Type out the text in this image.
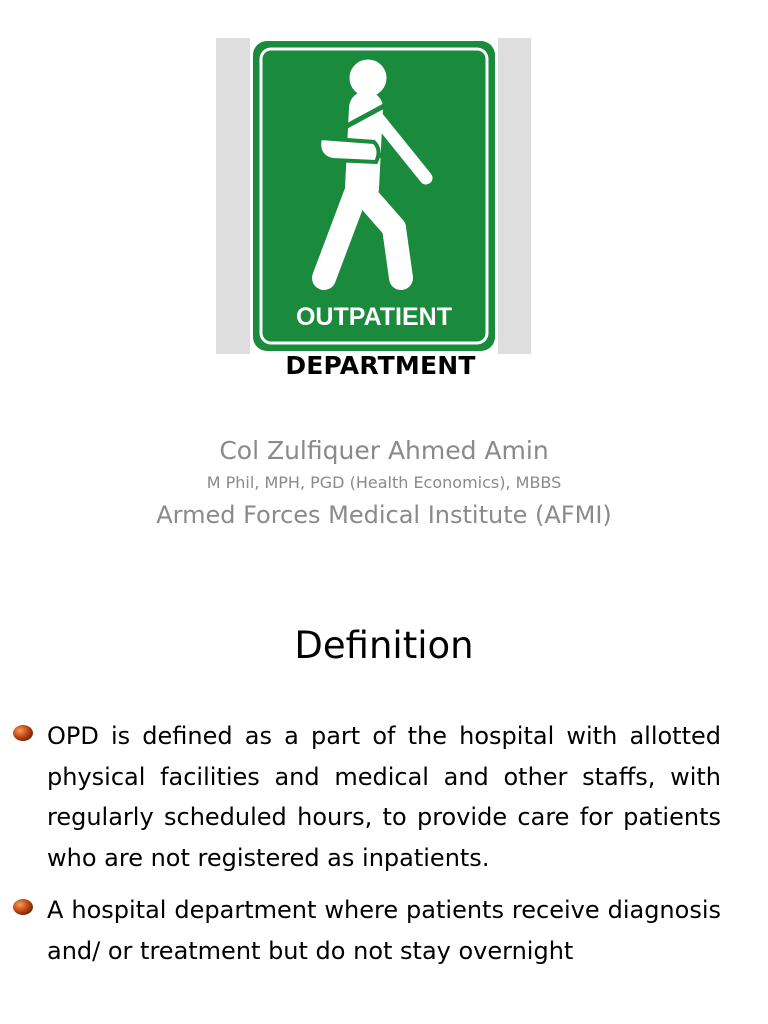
OUTPATIENT
DEPARTMENT
Col Zulfiquer Ahmed Amin
M Phil, MPH, PGD (Health Economics), MBBS
Armed Forces Medical Institute (AFMI)
Definition
OPD is defined as a part of the hospital with allotted physical facilities and medical and other staffs, with regularly scheduled hours, to provide care for patients who are not registered as inpatients.
A hospital department where patients receive diagnosis and/ or treatment but do not stay overnight
